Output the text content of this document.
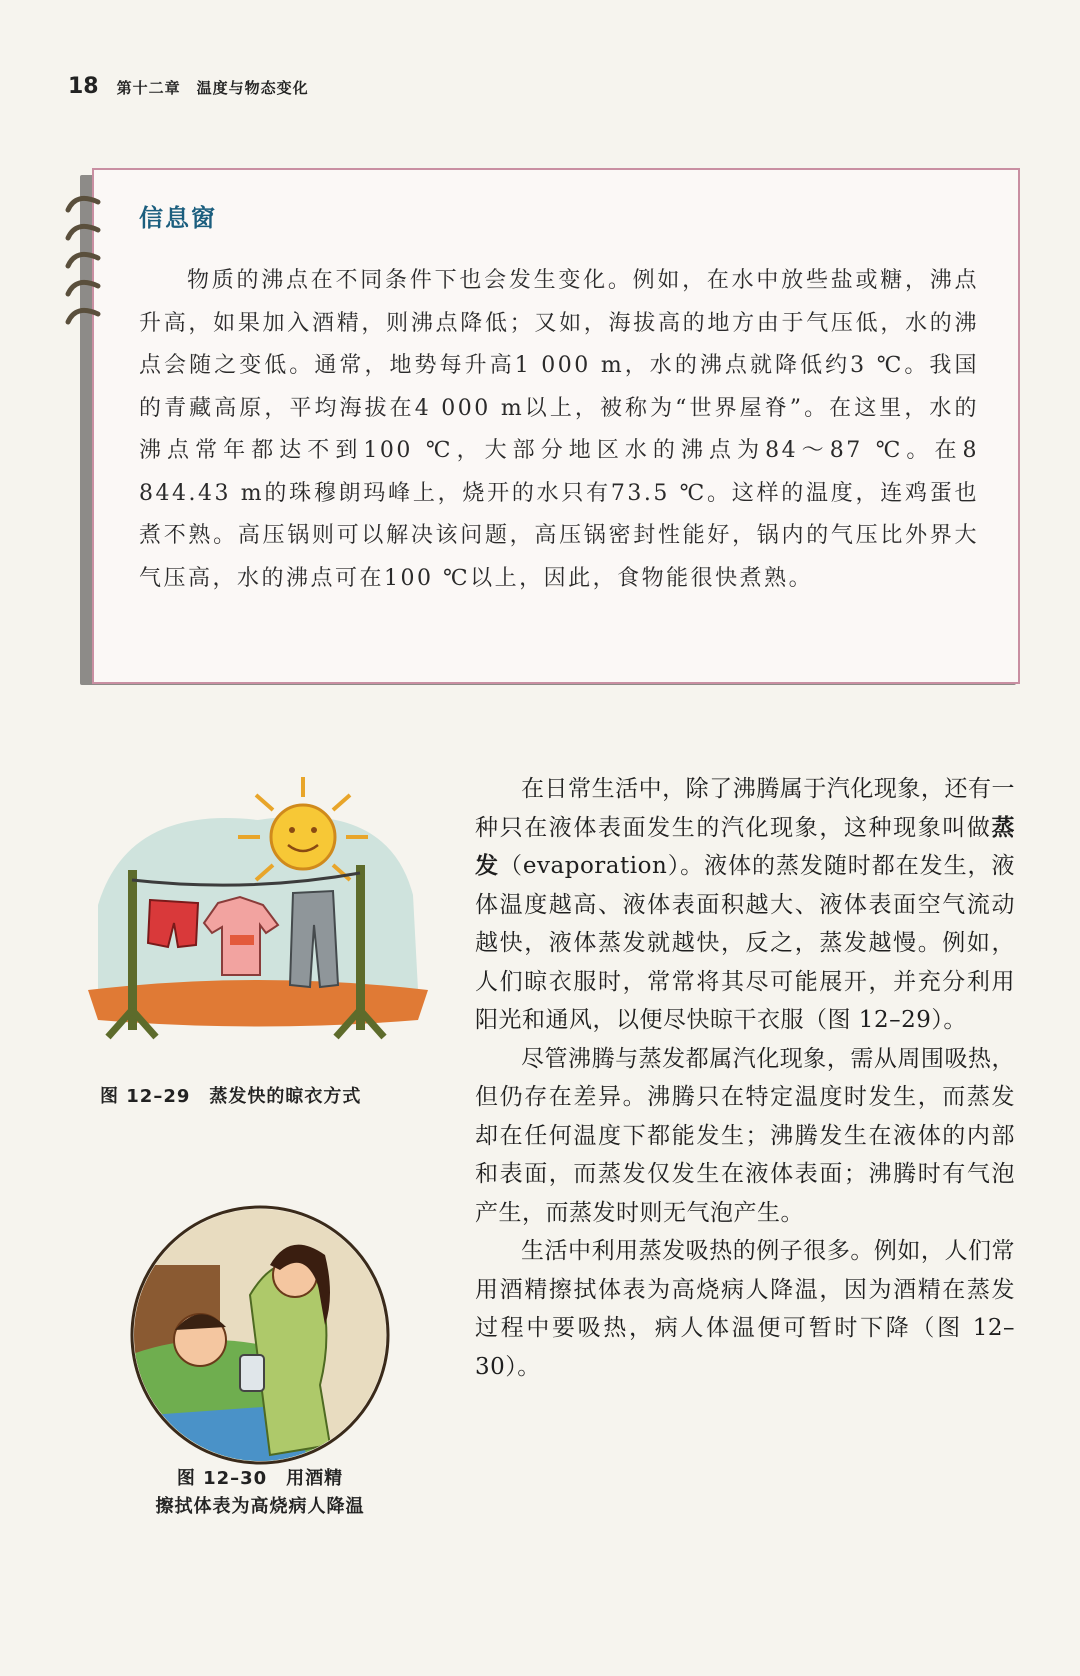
18 第十二章　温度与物态变化
信息窗
物质的沸点在不同条件下也会发生变化。例如，在水中放些盐或糖，沸点升高，如果加入酒精，则沸点降低；又如，海拔高的地方由于气压低，水的沸点会随之变低。通常，地势每升高1 000 m，水的沸点就降低约3 ℃。我国的青藏高原，平均海拔在4 000 m以上，被称为“世界屋脊”。在这里，水的沸点常年都达不到100 ℃，大部分地区水的沸点为84～87 ℃。在8 844.43 m的珠穆朗玛峰上，烧开的水只有73.5 ℃。这样的温度，连鸡蛋也煮不熟。高压锅则可以解决该问题，高压锅密封性能好，锅内的气压比外界大气压高，水的沸点可在100 ℃以上，因此，食物能很快煮熟。
图 12–29　蒸发快的晾衣方式
图 12–30　用酒精
擦拭体表为高烧病人降温

在日常生活中，除了沸腾属于汽化现象，还有一种只在液体表面发生的汽化现象，这种现象叫做蒸发（evaporation）。液体的蒸发随时都在发生，液体温度越高、液体表面积越大、液体表面空气流动越快，液体蒸发就越快，反之，蒸发越慢。例如，人们晾衣服时，常常将其尽可能展开，并充分利用阳光和通风，以便尽快晾干衣服（图 12–29）。

尽管沸腾与蒸发都属汽化现象，需从周围吸热，但仍存在差异。沸腾只在特定温度时发生，而蒸发却在任何温度下都能发生；沸腾发生在液体的内部和表面，而蒸发仅发生在液体表面；沸腾时有气泡产生，而蒸发时则无气泡产生。

生活中利用蒸发吸热的例子很多。例如，人们常用酒精擦拭体表为高烧病人降温，因为酒精在蒸发过程中要吸热，病人体温便可暂时下降（图 12–30）。
